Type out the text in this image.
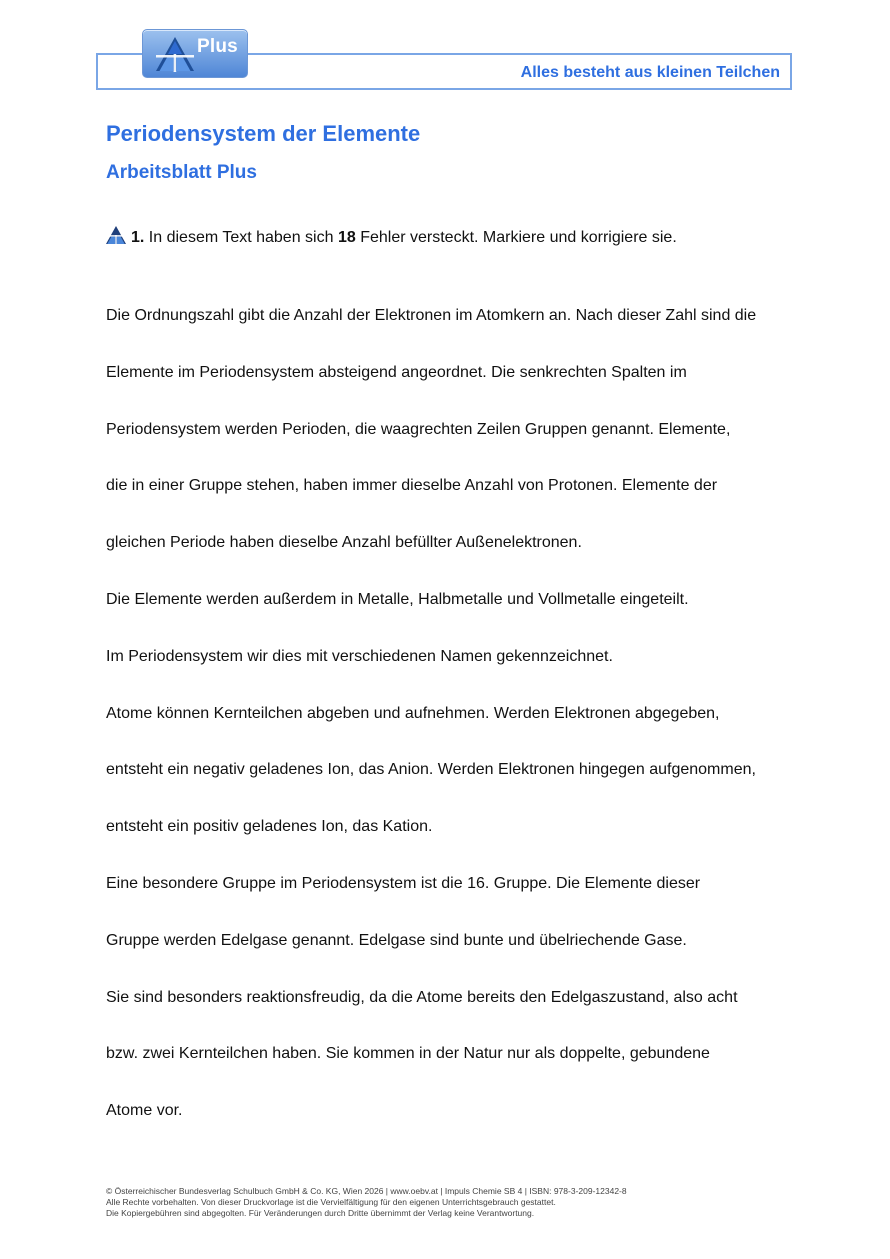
Alles besteht aus kleinen Teilchen
Plus
Periodensystem der Elemente
Arbeitsblatt Plus
1. In diesem Text haben sich 18 Fehler versteckt. Markiere und korrigiere sie.
Die Ordnungszahl gibt die Anzahl der Elektronen im Atomkern an. Nach dieser Zahl sind die
Elemente im Periodensystem absteigend angeordnet. Die senkrechten Spalten im
Periodensystem werden Perioden, die waagrechten Zeilen Gruppen genannt. Elemente,
die in einer Gruppe stehen, haben immer dieselbe Anzahl von Protonen. Elemente der
gleichen Periode haben dieselbe Anzahl befüllter Außenelektronen.
Die Elemente werden außerdem in Metalle, Halbmetalle und Vollmetalle eingeteilt.
Im Periodensystem wir dies mit verschiedenen Namen gekennzeichnet.
Atome können Kernteilchen abgeben und aufnehmen. Werden Elektronen abgegeben,
entsteht ein negativ geladenes Ion, das Anion. Werden Elektronen hingegen aufgenommen,
entsteht ein positiv geladenes Ion, das Kation.
Eine besondere Gruppe im Periodensystem ist die 16. Gruppe. Die Elemente dieser
Gruppe werden Edelgase genannt. Edelgase sind bunte und übelriechende Gase.
Sie sind besonders reaktionsfreudig, da die Atome bereits den Edelgaszustand, also acht
bzw. zwei Kernteilchen haben. Sie kommen in der Natur nur als doppelte, gebundene
Atome vor.
© Österreichischer Bundesverlag Schulbuch GmbH & Co. KG, Wien 2026 | www.oebv.at | Impuls Chemie SB 4 | ISBN: 978-3-209-12342-8
Alle Rechte vorbehalten. Von dieser Druckvorlage ist die Vervielfältigung für den eigenen Unterrichtsgebrauch gestattet.
Die Kopiergebühren sind abgegolten. Für Veränderungen durch Dritte übernimmt der Verlag keine Verantwortung.
